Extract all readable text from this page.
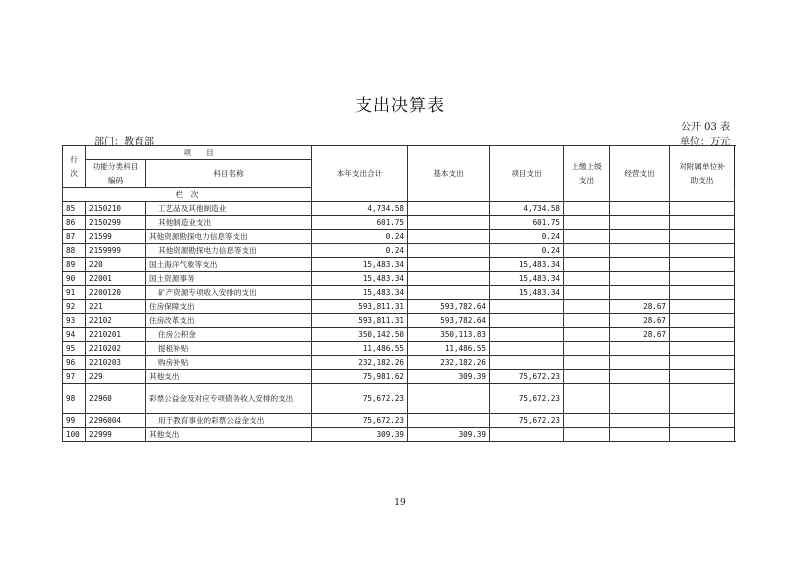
支出决算表
公开 03 表
部门：教育部	单位：万元
行次	项　　目		本年支出合计	基本支出	项目支出	上缴上级支出	经营支出	对附属单位补助支出	
	功能分类科目编码	科目名称							
栏　次						
85	2150210	工艺品及其他制造业	4,734.58		4,734.58				
86	2150299	其他制造业支出	601.75		601.75				
87	21599	其他资源勘探电力信息等支出	0.24		0.24				
88	2159999	其他资源勘探电力信息等支出	0.24		0.24				
89	220	国土海洋气象等支出	15,483.34		15,483.34				
90	22001	国土资源事务	15,483.34		15,483.34				
91	2200120	矿产资源专项收入安排的支出	15,483.34		15,483.34				
92	221	住房保障支出	593,811.31	593,782.64			28.67		
93	22102	住房改革支出	593,811.31	593,782.64			28.67		
94	2210201	住房公积金	350,142.50	350,113.83			28.67		
95	2210202	提租补贴	11,486.55	11,486.55					
96	2210203	购房补贴	232,182.26	232,182.26					
97	229	其他支出	75,981.62	309.39	75,672.23				
98	22960	彩票公益金及对应专项债务收入安排的支出	75,672.23		75,672.23				
99	2296004	用于教育事业的彩票公益金支出	75,672.23		75,672.23				
100	22999	其他支出	309.39	309.39					
19
